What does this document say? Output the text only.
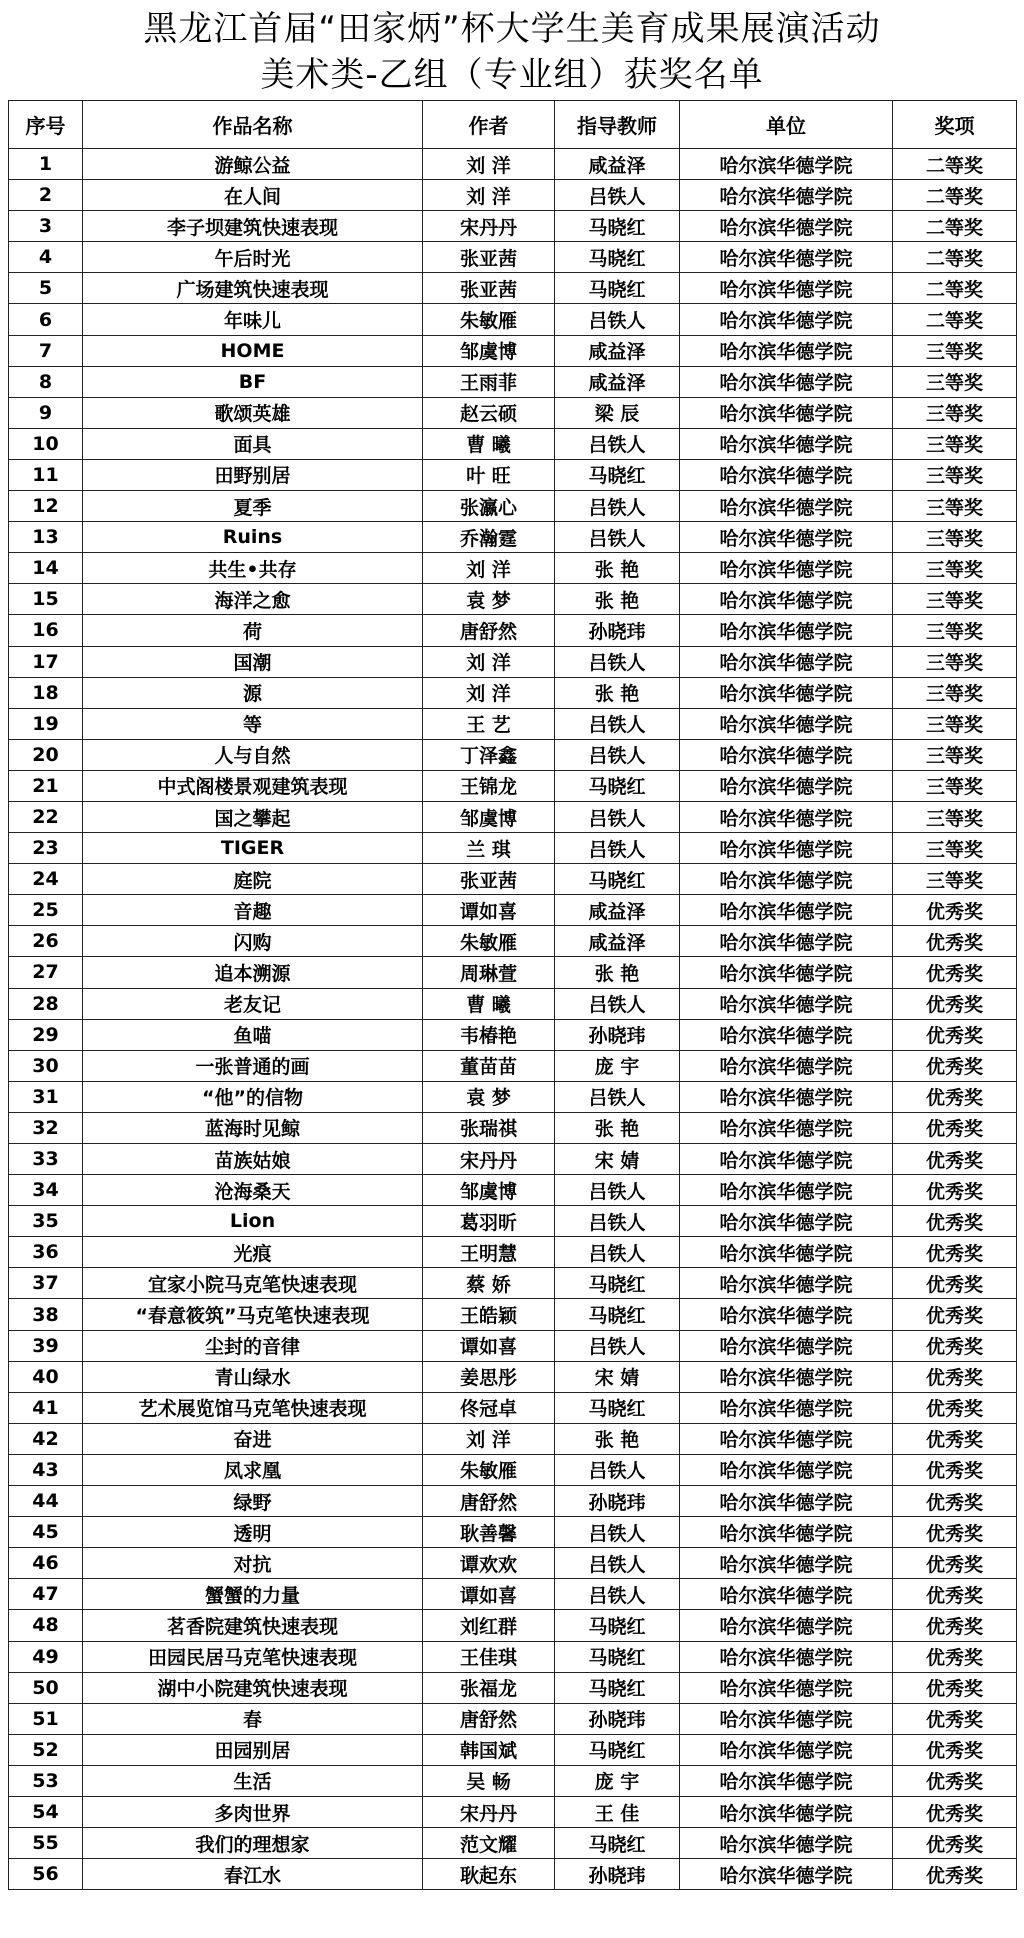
黑龙江首届“田家炳”杯大学生美育成果展演活动
美术类-乙组（专业组）获奖名单
序号	作品名称	作者	指导教师	单位	奖项
1	游鲸公益	刘 洋	咸益泽	哈尔滨华德学院	二等奖
2	在人间	刘 洋	吕铁人	哈尔滨华德学院	二等奖
3	李子坝建筑快速表现	宋丹丹	马晓红	哈尔滨华德学院	二等奖
4	午后时光	张亚茜	马晓红	哈尔滨华德学院	二等奖
5	广场建筑快速表现	张亚茜	马晓红	哈尔滨华德学院	二等奖
6	年味儿	朱敏雁	吕铁人	哈尔滨华德学院	二等奖
7	HOME	邹虞博	咸益泽	哈尔滨华德学院	三等奖
8	BF	王雨菲	咸益泽	哈尔滨华德学院	三等奖
9	歌颂英雄	赵云硕	梁 辰	哈尔滨华德学院	三等奖
10	面具	曹 曦	吕铁人	哈尔滨华德学院	三等奖
11	田野别居	叶 旺	马晓红	哈尔滨华德学院	三等奖
12	夏季	张瀛心	吕铁人	哈尔滨华德学院	三等奖
13	Ruins	乔瀚霆	吕铁人	哈尔滨华德学院	三等奖
14	共生•共存	刘 洋	张 艳	哈尔滨华德学院	三等奖
15	海洋之愈	袁 梦	张 艳	哈尔滨华德学院	三等奖
16	荷	唐舒然	孙晓玮	哈尔滨华德学院	三等奖
17	国潮	刘 洋	吕铁人	哈尔滨华德学院	三等奖
18	源	刘 洋	张 艳	哈尔滨华德学院	三等奖
19	等	王 艺	吕铁人	哈尔滨华德学院	三等奖
20	人与自然	丁泽鑫	吕铁人	哈尔滨华德学院	三等奖
21	中式阁楼景观建筑表现	王锦龙	马晓红	哈尔滨华德学院	三等奖
22	国之攀起	邹虞博	吕铁人	哈尔滨华德学院	三等奖
23	TIGER	兰 琪	吕铁人	哈尔滨华德学院	三等奖
24	庭院	张亚茜	马晓红	哈尔滨华德学院	三等奖
25	音趣	谭如喜	咸益泽	哈尔滨华德学院	优秀奖
26	闪购	朱敏雁	咸益泽	哈尔滨华德学院	优秀奖
27	追本溯源	周琳萱	张 艳	哈尔滨华德学院	优秀奖
28	老友记	曹 曦	吕铁人	哈尔滨华德学院	优秀奖
29	鱼喵	韦椿艳	孙晓玮	哈尔滨华德学院	优秀奖
30	一张普通的画	董苗苗	庞 宇	哈尔滨华德学院	优秀奖
31	“他”的信物	袁 梦	吕铁人	哈尔滨华德学院	优秀奖
32	蓝海时见鲸	张瑞祺	张 艳	哈尔滨华德学院	优秀奖
33	苗族姑娘	宋丹丹	宋 婧	哈尔滨华德学院	优秀奖
34	沧海桑天	邹虞博	吕铁人	哈尔滨华德学院	优秀奖
35	Lion	葛羽昕	吕铁人	哈尔滨华德学院	优秀奖
36	光痕	王明慧	吕铁人	哈尔滨华德学院	优秀奖
37	宜家小院马克笔快速表现	蔡 娇	马晓红	哈尔滨华德学院	优秀奖
38	“春意筱筑”马克笔快速表现	王皓颖	马晓红	哈尔滨华德学院	优秀奖
39	尘封的音律	谭如喜	吕铁人	哈尔滨华德学院	优秀奖
40	青山绿水	姜思彤	宋 婧	哈尔滨华德学院	优秀奖
41	艺术展览馆马克笔快速表现	佟冠卓	马晓红	哈尔滨华德学院	优秀奖
42	奋进	刘 洋	张 艳	哈尔滨华德学院	优秀奖
43	凤求凰	朱敏雁	吕铁人	哈尔滨华德学院	优秀奖
44	绿野	唐舒然	孙晓玮	哈尔滨华德学院	优秀奖
45	透明	耿善馨	吕铁人	哈尔滨华德学院	优秀奖
46	对抗	谭欢欢	吕铁人	哈尔滨华德学院	优秀奖
47	蟹蟹的力量	谭如喜	吕铁人	哈尔滨华德学院	优秀奖
48	茗香院建筑快速表现	刘红群	马晓红	哈尔滨华德学院	优秀奖
49	田园民居马克笔快速表现	王佳琪	马晓红	哈尔滨华德学院	优秀奖
50	湖中小院建筑快速表现	张福龙	马晓红	哈尔滨华德学院	优秀奖
51	春	唐舒然	孙晓玮	哈尔滨华德学院	优秀奖
52	田园别居	韩国斌	马晓红	哈尔滨华德学院	优秀奖
53	生活	吴 畅	庞 宇	哈尔滨华德学院	优秀奖
54	多肉世界	宋丹丹	王 佳	哈尔滨华德学院	优秀奖
55	我们的理想家	范文耀	马晓红	哈尔滨华德学院	优秀奖
56	春江水	耿起东	孙晓玮	哈尔滨华德学院	优秀奖
